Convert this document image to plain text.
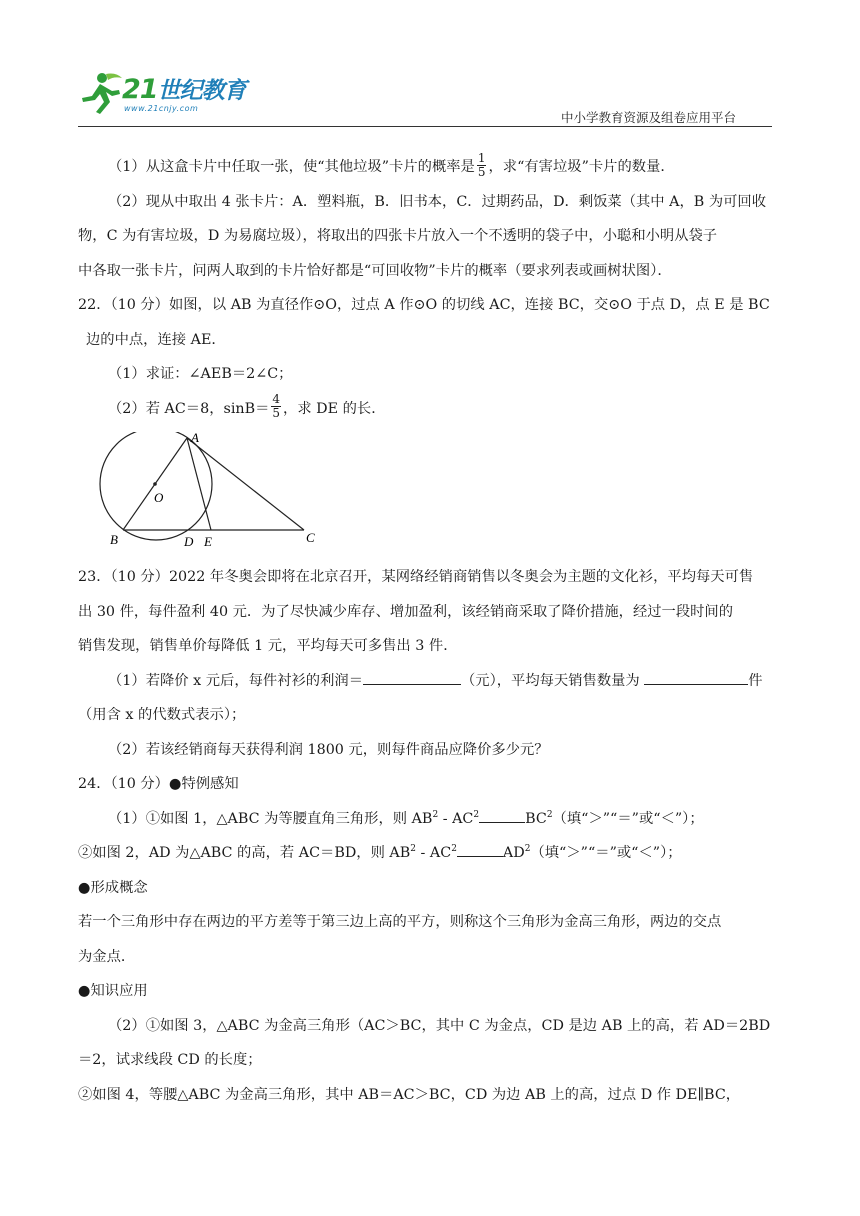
21世纪教育
www.21cnjy.com
中小学教育资源及组卷应用平台

（1）从这盒卡片中任取一张，使“其他垃圾”卡片的概率是 $\frac{1}{5}$ ，求“有害垃圾”卡片的数量．

（2）现从中取出 4 张卡片：A．塑料瓶，B．旧书本，C．过期药品，D．剩饭菜（其中 A，B 为可回收

物，C 为有害垃圾，D 为易腐垃圾），将取出的四张卡片放入一个不透明的袋子中，小聪和小明从袋子

中各取一张卡片，问两人取到的卡片恰好都是“可回收物”卡片的概率（要求列表或画树状图）．

22．（10 分）如图，以 AB 为直径作⊙O，过点 A 作⊙O 的切线 AC，连接 BC，交⊙O 于点 D，点 E 是 BC

边的中点，连接 AE．

（1）求证：∠AEB＝2∠C；

（2）若 AC＝8，$\sin B= \frac{4}{5}$ ，求 DE 的长．

A
O
B	D E	C

23．（10 分）2022 年冬奥会即将在北京召开，某网络经销商销售以冬奥会为主题的文化衫，平均每天可售

出 30 件，每件盈利 40 元．为了尽快减少库存、增加盈利，该经销商采取了降价措施，经过一段时间的

销售发现，销售单价每降低 1 元，平均每天可多售出 3 件．

（1）若降价 x 元后，每件衬衫的利润＝	（元），平均每天销售数量为	件

（用含 x 的代数式表示）；

（2）若该经销商每天获得利润 1800 元，则每件商品应降价多少元？

24．（10 分）●特例感知

（1）①如图 1，△ABC 为等腰直角三角形，则 $AB^2 - AC^2$	$BC^2$（填“＞”“＝”或“＜”）；

②如图 2，AD 为△ABC 的高，若 AC＝BD，则 $AB^2 - AC^2$	$AD^2$（填“＞”“＝”或“＜”）；

●形成概念

若一个三角形中存在两边的平方差等于第三边上高的平方，则称这个三角形为金高三角形，两边的交点

为金点．

●知识应用

（2）①如图 3，△ABC 为金高三角形（AC＞BC，其中 C 为金点，CD 是边 AB 上的高，若 AD＝2BD

＝2，试求线段 CD 的长度；

②如图 4，等腰△ABC 为金高三角形，其中 AB＝AC＞BC，CD 为边 AB 上的高，过点 D 作 DE∥BC，
